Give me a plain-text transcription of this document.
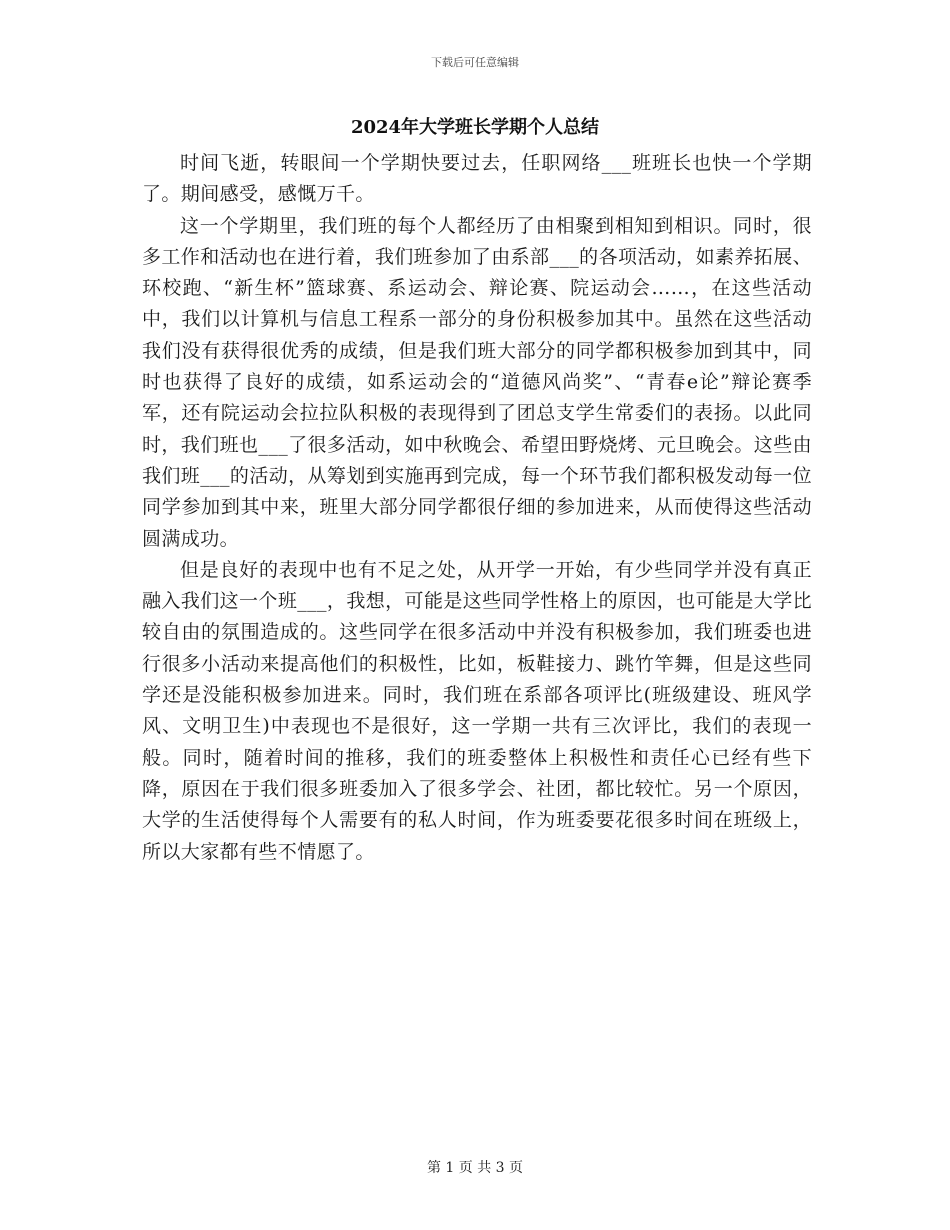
下载后可任意编辑
2024年大学班长学期个人总结

时间飞逝，转眼间一个学期快要过去，任职网络___班班长也快一个学期了。期间感受，感慨万千。

这一个学期里，我们班的每个人都经历了由相聚到相知到相识。同时，很多工作和活动也在进行着，我们班参加了由系部___的各项活动，如素养拓展、环校跑、“新生杯”篮球赛、系运动会、辩论赛、院运动会……，在这些活动中，我们以计算机与信息工程系一部分的身份积极参加其中。虽然在这些活动我们没有获得很优秀的成绩，但是我们班大部分的同学都积极参加到其中，同时也获得了良好的成绩，如系运动会的“道德风尚奖”、“青春e论”辩论赛季军，还有院运动会拉拉队积极的表现得到了团总支学生常委们的表扬。以此同时，我们班也___了很多活动，如中秋晚会、希望田野烧烤、元旦晚会。这些由我们班___的活动，从筹划到实施再到完成，每一个环节我们都积极发动每一位同学参加到其中来，班里大部分同学都很仔细的参加进来，从而使得这些活动圆满成功。

但是良好的表现中也有不足之处，从开学一开始，有少些同学并没有真正融入我们这一个班___，我想，可能是这些同学性格上的原因，也可能是大学比较自由的氛围造成的。这些同学在很多活动中并没有积极参加，我们班委也进行很多小活动来提高他们的积极性，比如，板鞋接力、跳竹竿舞，但是这些同学还是没能积极参加进来。同时，我们班在系部各项评比(班级建设、班风学风、文明卫生)中表现也不是很好，这一学期一共有三次评比，我们的表现一般。同时，随着时间的推移，我们的班委整体上积极性和责任心已经有些下降，原因在于我们很多班委加入了很多学会、社团，都比较忙。另一个原因，大学的生活使得每个人需要有的私人时间，作为班委要花很多时间在班级上，所以大家都有些不情愿了。

第 1 页 共 3 页
